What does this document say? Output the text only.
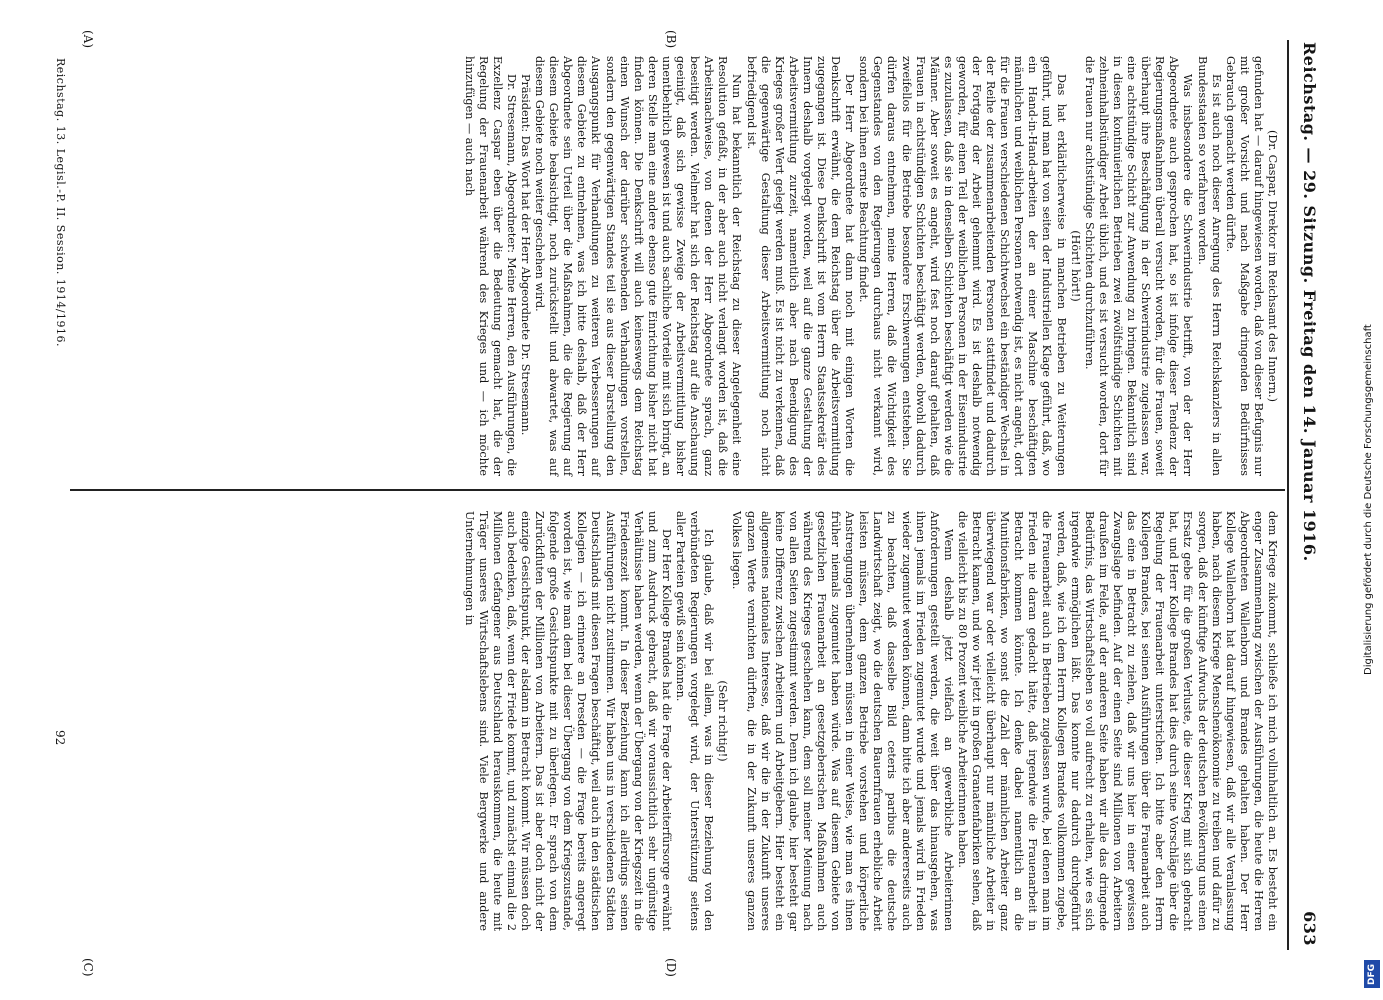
Reichstag. — 29. Sitzung. Freitag den 14. Januar 1916.
633
(A)	(B)
(C)	(D)

(Dr. Caspar, Direktor im Reichsamt des Innern.)

gefunden hat — darauf hingewiesen worden, daß von dieser Befugnis nur mit großer Vorsicht und nach Maßgabe dringenden Bedürfnisses Gebrauch gemacht werden dürfte.

Es ist auch noch dieser Anregung des Herrn Reichskanzlers in allen Bundesstaaten so verfahren worden.

Was insbesondere die Schwerindustrie betrifft, von der der Herr Abgeordnete auch gesprochen hat, so ist infolge dieser Tendenz der Regierungsmaßnahmen überall versucht worden, für die Frauen, soweit überhaupt ihre Beschäftigung in der Schwerindustrie zugelassen war, eine achtstündige Schicht zur Anwendung zu bringen. Bekanntlich sind in diesen kontinuierlichen Betrieben zwei zwölfstündige Schichten mit zehneinhalbstündiger Arbeit üblich, und es ist versucht worden, dort für die Frauen nur achtstündige Schichten durchzuführen.

(Hört! hört!)

Das hat erklärlicherweise in manchen Betrieben zu Weiterungen geführt, und man hat von seiten der Industriellen Klage geführt, daß, wo ein Hand-in-Hand-arbeiten der an einer Maschine beschäftigten männlichen und weiblichen Personen notwendig ist, es nicht angeht, dort für die Frauen verschiedenen Schichtwechsel ein beständiger Wechsel in der Reihe der zusammenarbeitenden Personen stattfindet und dadurch der Fortgang der Arbeit gehemmt wird. Es ist deshalb notwendig geworden, für einen Teil der weiblichen Personen in der Eisenindustrie es zuzulassen, daß sie in denselben Schichten beschäftigt werden wie die Männer. Aber soweit es angeht, wird fest noch darauf gehalten, daß Frauen in achtstündigen Schichten beschäftigt werden, obwohl dadurch zweifellos für die Betriebe besondere Erschwerungen entstehen. Sie dürfen daraus entnehmen, meine Herren, daß die Wichtigkeit des Gegenstandes von den Regierungen durchaus nicht verkannt wird, sondern bei ihnen ernste Beachtung findet.

Der Herr Abgeordnete hat dann noch mit einigen Worten die Denkschrift erwähnt, die dem Reichstag über die Arbeitsvermittlung zugegangen ist. Diese Denkschrift ist vom Herrn Staatssekretär des Innern deshalb vorgelegt worden, weil auf die ganze Gestaltung der Arbeitsvermittlung zurzeit, namentlich aber nach Beendigung des Krieges großer Wert gelegt werden muß. Es ist nicht zu verkennen, daß die gegenwärtige Gestaltung dieser Arbeitsvermittlung noch nicht befriedigend ist.

Nun hat bekanntlich der Reichstag zu dieser Angelegenheit eine Resolution gefaßt, in der aber auch nicht verlangt worden ist, daß die Arbeitsnachweise, von denen der Herr Abgeordnete sprach, ganz beseitigt werden. Vielmehr hat sich der Reichstag auf die Anschauung geeinigt, daß sich gewisse Zweige der Arbeitsvermittlung bisher unentbehrlich gewesen ist und auch sachliche Vorteile mit sich bringt, an deren Stelle man eine andere ebenso gute Einrichtung bisher nicht hat finden können. Die Denkschrift will auch keineswegs dem Reichstag einen Wunsch der darüber schwebenden Verhandlungen vorstellen, sondern den gegenwärtigen Standes teil sie aus dieser Darstellung den Ausgangspunkt für Verhandlungen zu weiteren Verbesserungen auf diesem Gebiete zu entnehmen, was ich bitte deshalb, daß der Herr Abgeordnete sein Urteil über die Maßnahmen, die die Regierung auf diesem Gebiete beabsichtigt, noch zurückstellt und abwartet, was auf diesem Gebiete noch weiter geschehen wird.

Präsident: Das Wort hat der Herr Abgeordnete Dr. Stresemann.

Dr. Stresemann, Abgeordneter: Meine Herren, den Ausführungen, die Exzellenz Caspar eben über die Bedeutung gemacht hat, die der Regelung der Frauenarbeit während des Krieges und — ich möchte hinzufügen — auch nach

dem Kriege zukommt, schließe ich mich vollinhaltlich an. Es besteht ein enger Zusammenhang zwischen der Ausführungen, die heute die Herren Abgeordneten Wallenborn und Brandes gehalten haben. Der Herr Kollege Wallenborn hat darauf hingewiesen, daß wir alle Veranlassung haben, nach diesem Kriege Menschenökonomie zu treiben und dafür zu sorgen, daß der künftige Aufwuchs der deutschen Bevölkerung uns einen Ersatz gebe für die großen Verluste, die dieser Krieg mit sich gebracht hat, und Herr Kollege Brandes hat dies durch seine Vorschläge über die Regelung der Frauenarbeit unterstrichen. Ich bitte aber den Herrn Kollegen Brandes, bei seinen Ausführungen über die Frauenarbeit auch das eine in Betracht zu ziehen, daß wir uns hier in einer gewissen Zwangslage befinden. Auf der einen Seite sind Millionen von Arbeitern draußen im Felde, auf der anderen Seite haben wir alle das dringende Bedürfnis, das Wirtschaftsleben so voll aufrecht zu erhalten, wie es sich irgendwie ermöglichen läßt. Das konnte nur dadurch durchgeführt werden, daß, wie ich dem Herrn Kollegen Brandes vollkommen zugebe, die Frauenarbeit auch in Betrieben zugelassen wurde, bei denen man im Frieden nie daran gedacht hätte, daß irgendwie die Frauenarbeit in Betracht kommen könnte. Ich denke dabei namentlich an die Munitionsfabriken, wo sonst die Zahl der männlichen Arbeiter ganz überwiegend war oder vielleicht überhaupt nur männliche Arbeiter in Betracht kamen, und wo wir jetzt in großen Granatenfabriken sehen, daß die vielleicht bis zu 80 Prozent weibliche Arbeiterinnen haben.

Wenn deshalb jetzt vielfach an gewerbliche Arbeiterinnen Anforderungen gestellt werden, die weit über das hinausgehen, was ihnen jemals im Frieden zugemutet wurde und jemals wird in Frieden wieder zugemutet werden können, dann bitte ich aber andererseits auch zu beachten, daß dasselbe Bild ceteris paribus die deutsche Landwirtschaft zeigt, wo die deutschen Bauernfrauen erhebliche Arbeit leisten müssen, dem ganzen Betriebe vorstehen und körperliche Anstrengungen übernehmen müssen in einer Weise, wie man es ihnen früher niemals zugemutet haben würde. Was auf diesem Gebiete von gesetzlichen Frauenarbeit an gesetzgeberischen Maßnahmen auch während des Krieges geschehen kann, dem soll meiner Meinung nach von allen Seiten zugestimmt werden. Denn ich glaube, hier besteht gar keine Differenz zwischen Arbeitern und Arbeitgebern. Hier besteht ein allgemeines nationales Interesse, daß wir die in der Zukunft unseres ganzen Werte vernichten dürften, die in der Zukunft unseres ganzen Volkes liegen.

(Sehr richtig!)

Ich glaube, daß wir bei allem, was in dieser Beziehung von den verbündeten Regierungen vorgelegt wird, der Unterstützung seitens aller Parteien gewiß sein können.

Der Herr Kollege Brandes hat die Frage der Arbeiterfürsorge erwähnt und zum Ausdruck gebracht, daß wir voraussichtlich sehr ungünstige Verhältnisse haben werden, wenn der Übergang von der Kriegszeit in die Friedenszeit kommt. In dieser Beziehung kann ich allerdings seinen Ausführungen nicht zustimmen. Wir haben uns in verschiedenen Städten Deutschlands mit diesen Fragen beschäftigt, weil auch in den städtischen Kollegien — ich erinnere an Dresden — die Frage bereits angeregt worden ist, wie man dem bei dieser Übergang von dem Kriegszustande, folgende große Gesichtspunkte mit zu überlegen. Er sprach von dem Zurückfluten der Millionen von Arbeitern. Das ist aber doch nicht der einzige Gesichtspunkt, der alsdann in Betracht kommt. Wir müssen doch auch bedenken, daß, wenn der Friede kommt, und zunächst einmal die 2 Millionen Gefangener aus Deutschland herauskommen, die heute mit Träger unseres Wirtschaftslebens sind. Viele Bergwerke und andere Unternehmungen in

Reichstag. 13. Legisl.-P. II. Session. 1914/1916.
92
Digitalisierung gefördert durch die Deutsche Forschungsgemeinschaft
DFG
